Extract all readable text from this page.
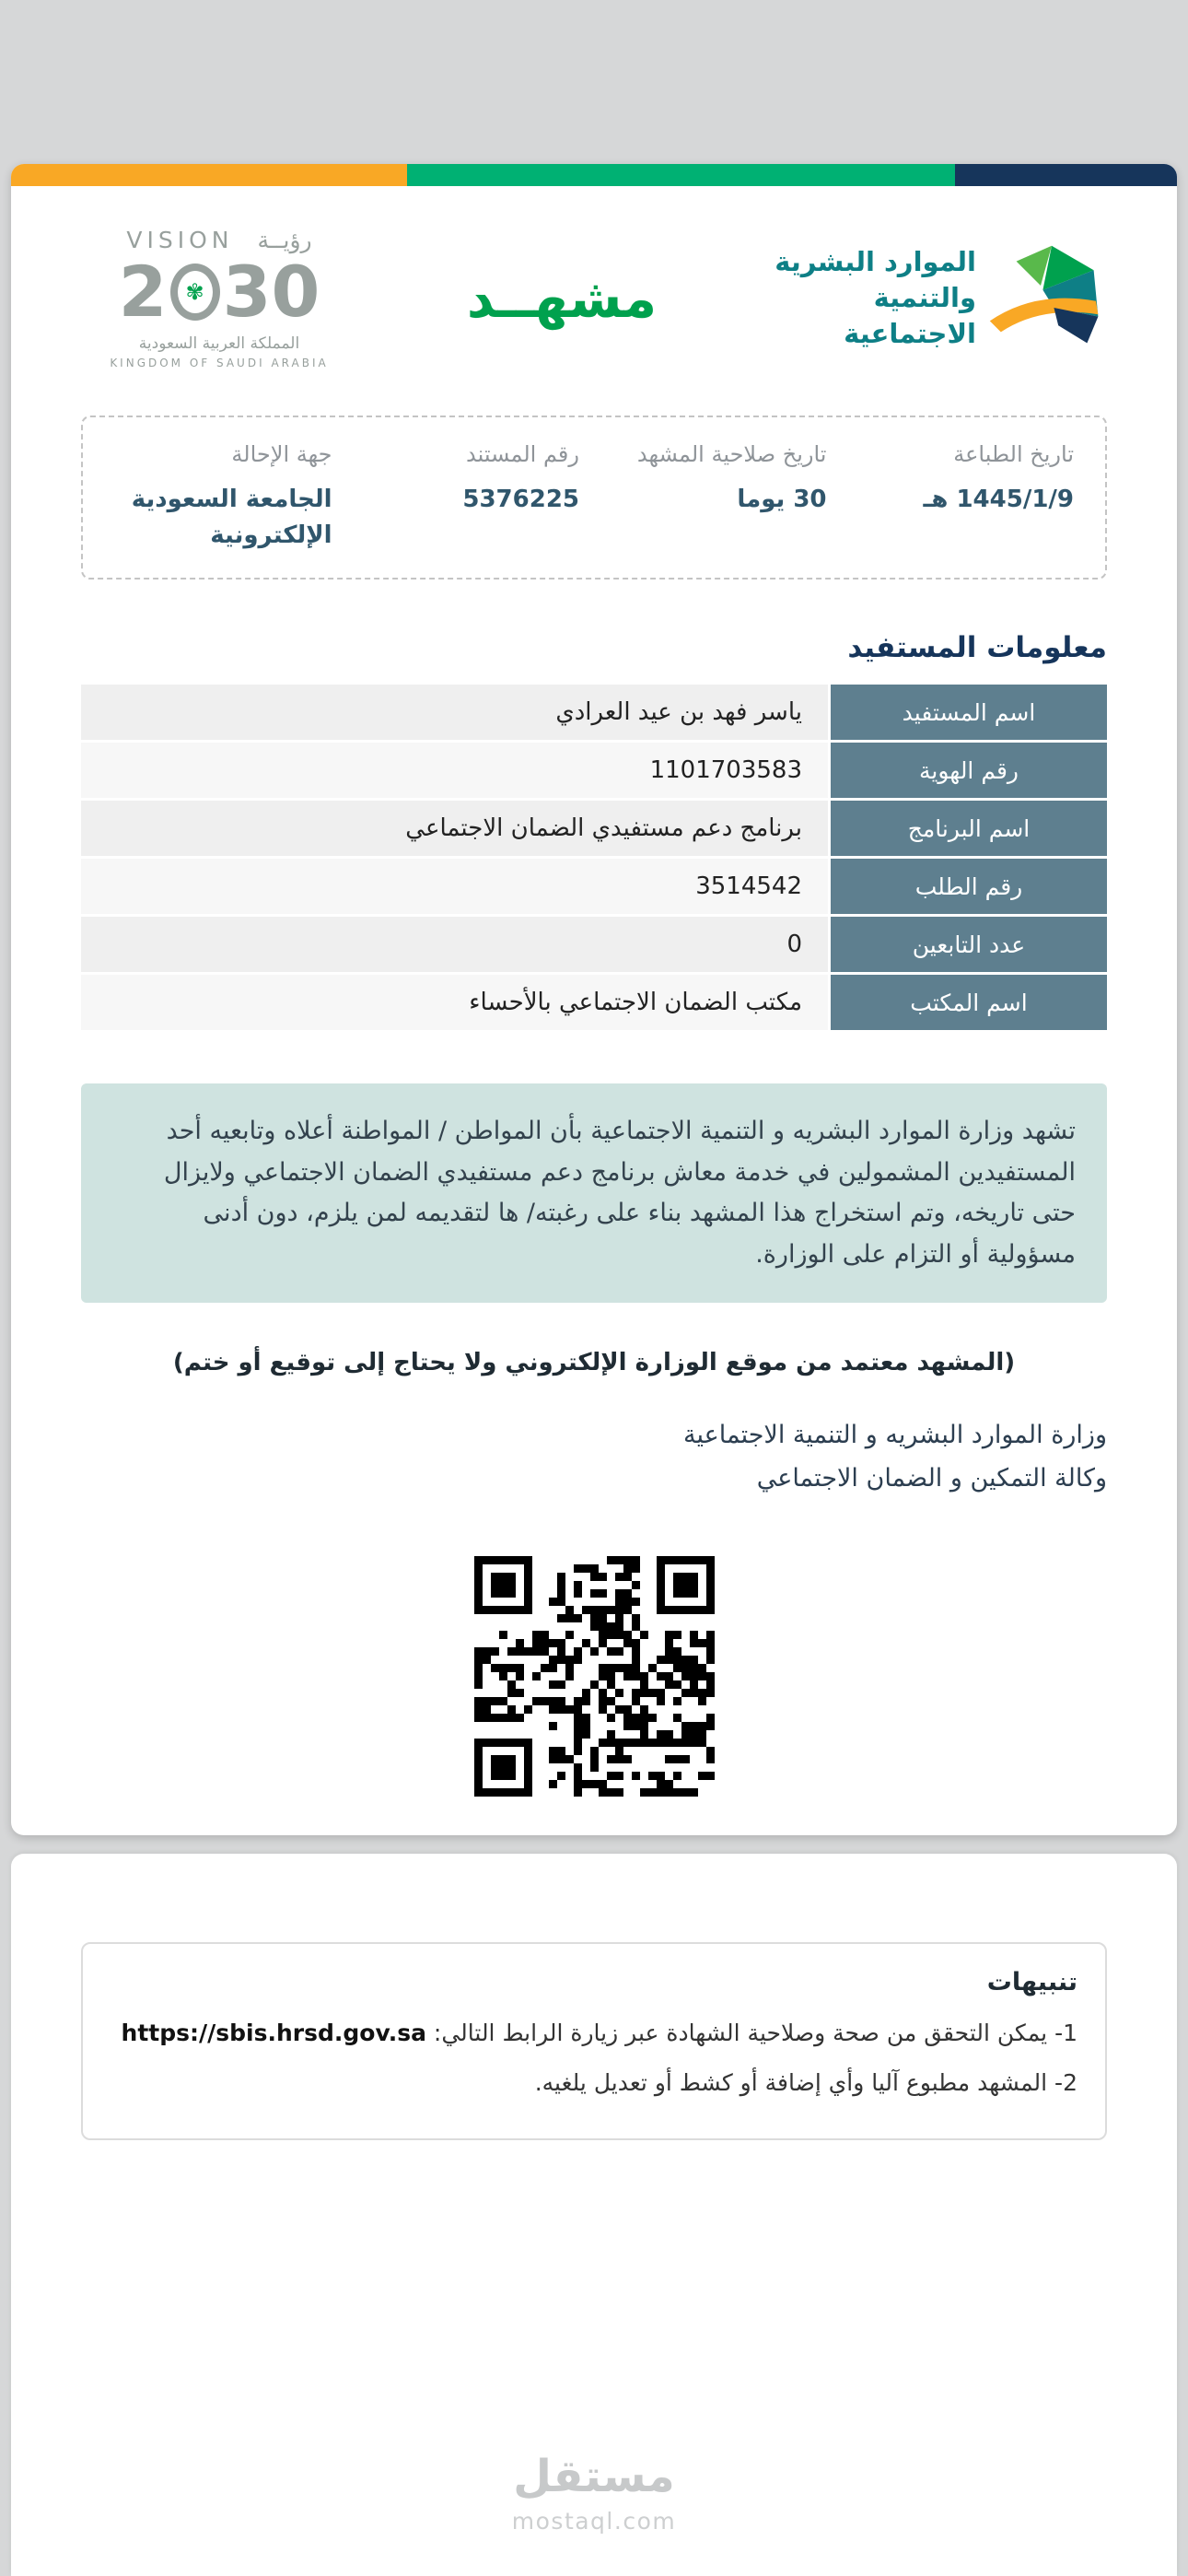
VISION رؤيــة
2 ✾ 30
المملكة العربية السعودية
KINGDOM OF SAUDI ARABIA
مشهــد
الموارد البشرية
والتنمية الاجتماعية
تاريخ الطباعة
1445/1/9 هـ
تاريخ صلاحية المشهد
30 يوما
رقم المستند
5376225
جهة الإحالة
الجامعة السعودية الإلكترونية
معلومات المستفيد
اسم المستفيد
ياسر فهد بن عيد العرادي
رقم الهوية
1101703583
اسم البرنامج
برنامج دعم مستفيدي الضمان الاجتماعي
رقم الطلب
3514542
عدد التابعين
0
اسم المكتب
مكتب الضمان الاجتماعي بالأحساء
تشهد وزارة الموارد البشريه و التنمية الاجتماعية بأن المواطن / المواطنة أعلاه وتابعيه أحد المستفيدين المشمولين في خدمة معاش برنامج دعم مستفيدي الضمان الاجتماعي ولايزال حتى تاريخه، وتم استخراج هذا المشهد بناء على رغبته/ ها لتقديمه لمن يلزم، دون أدنى مسؤولية أو التزام على الوزارة.
(المشهد معتمد من موقع الوزارة الإلكتروني ولا يحتاج إلى توقيع أو ختم)
وزارة الموارد البشريه و التنمية الاجتماعية
وكالة التمكين و الضمان الاجتماعي
تنبيهات
1- يمكن التحقق من صحة وصلاحية الشهادة عبر زيارة الرابط التالي: https://sbis.hrsd.gov.sa
2- المشهد مطبوع آليا وأي إضافة أو كشط أو تعديل يلغيه.
مستقل
mostaql.com
